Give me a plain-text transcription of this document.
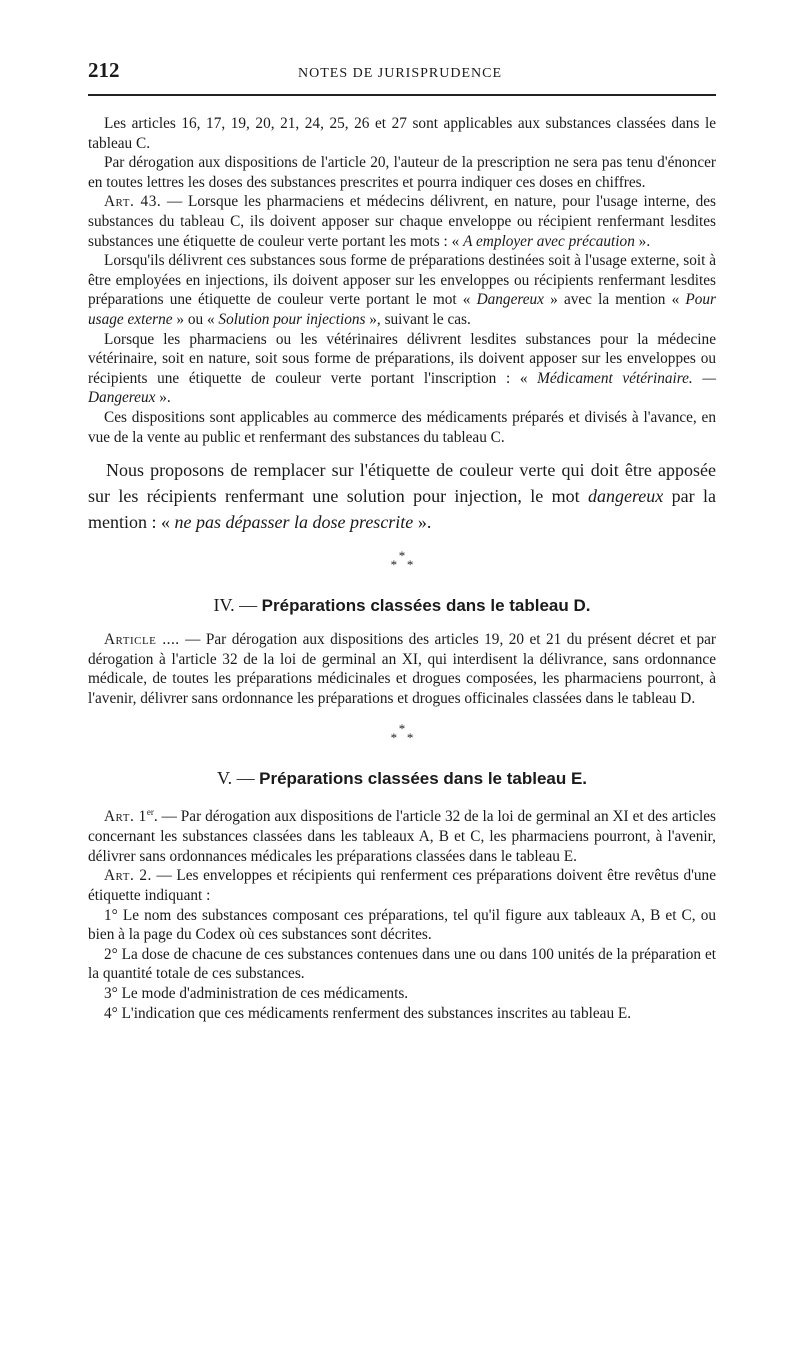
212	NOTES DE JURISPRUDENCE

Les articles 16, 17, 19, 20, 21, 24, 25, 26 et 27 sont applicables aux substances classées dans le tableau C.

Par dérogation aux dispositions de l'article 20, l'auteur de la prescription ne sera pas tenu d'énoncer en toutes lettres les doses des substances prescrites et pourra indiquer ces doses en chiffres.

Art. 43. — Lorsque les pharmaciens et médecins délivrent, en nature, pour l'usage interne, des substances du tableau C, ils doivent apposer sur chaque enveloppe ou récipient renfermant lesdites substances une étiquette de couleur verte portant les mots : « A employer avec précaution ».

Lorsqu'ils délivrent ces substances sous forme de préparations destinées soit à l'usage externe, soit à être employées en injections, ils doivent apposer sur les enveloppes ou récipients renfermant lesdites préparations une étiquette de couleur verte portant le mot « Dangereux » avec la mention « Pour usage externe » ou « Solution pour injections », suivant le cas.

Lorsque les pharmaciens ou les vétérinaires délivrent lesdites substances pour la médecine vétérinaire, soit en nature, soit sous forme de préparations, ils doivent apposer sur les enveloppes ou récipients une étiquette de couleur verte portant l'inscription : « Médicament vétérinaire. — Dangereux ».

Ces dispositions sont applicables au commerce des médicaments préparés et divisés à l'avance, en vue de la vente au public et renfermant des substances du tableau C.

Nous proposons de remplacer sur l'étiquette de couleur verte qui doit être apposée sur les récipients renfermant une solution pour injection, le mot dangereux par la mention : « ne pas dépasser la dose prescrite ».

*
* *
IV. — Préparations classées dans le tableau D.

Article .... — Par dérogation aux dispositions des articles 19, 20 et 21 du présent décret et par dérogation à l'article 32 de la loi de germinal an XI, qui interdisent la délivrance, sans ordonnance médicale, de toutes les préparations médicinales et drogues composées, les pharmaciens pourront, à l'avenir, délivrer sans ordonnance les préparations et drogues officinales classées dans le tableau D.

*
* *
V. — Préparations classées dans le tableau E.

Art. 1er. — Par dérogation aux dispositions de l'article 32 de la loi de germinal an XI et des articles concernant les substances classées dans les tableaux A, B et C, les pharmaciens pourront, à l'avenir, délivrer sans ordonnances médicales les préparations classées dans le tableau E.

Art. 2. — Les enveloppes et récipients qui renferment ces préparations doivent être revêtus d'une étiquette indiquant :

1° Le nom des substances composant ces préparations, tel qu'il figure aux tableaux A, B et C, ou bien à la page du Codex où ces substances sont décrites.

2° La dose de chacune de ces substances contenues dans une ou dans 100 unités de la préparation et la quantité totale de ces substances.

3° Le mode d'administration de ces médicaments.

4° L'indication que ces médicaments renferment des substances inscrites au tableau E.
